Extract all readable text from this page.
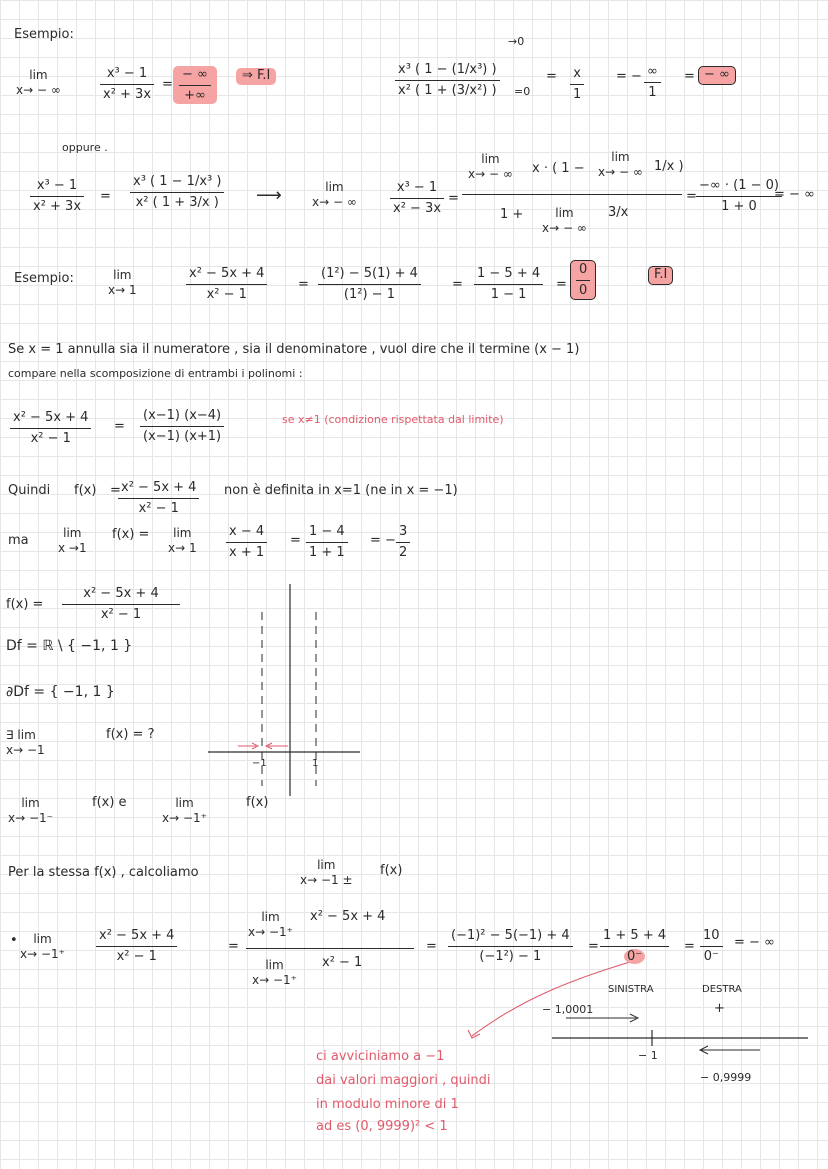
Esempio:
lim
x→ − ∞
x³ − 1
x² + 3x
=
− ∞
+∞
⇒ F.I	x³ ( 1 − (1/x³) )
x² ( 1 + (3/x²) )
→0
=0
= x
1
= − ∞
1
= − ∞
oppure .
x³ − 1
x² + 3x
=
x³ ( 1 − 1/x³ )
x² ( 1 + 3/x ) ⟶	lim
x→ − ∞
x³ − 1
x² − 3x
=
lim
x→ − ∞ x · ( 1 −
lim
x→ − ∞ 1/x )
1 +	lim
x→ − ∞
3/x
=
−∞ · (1 − 0)
1 + 0
= − ∞
Esempio:	lim
x→ 1
x² − 5x + 4
x² − 1
=
(1²) − 5(1) + 4
(1²) − 1
=
1 − 5 + 4
1 − 1
=
0
0
F.I
Se x = 1 annulla sia il numeratore , sia il denominatore , vuol dire che il termine (x − 1)
compare nella scomposizione di entrambi i polinomi :
x² − 5x + 4
x² − 1
=
(x−1) (x−4)
(x−1) (x+1)
se x≠1 (condizione rispettata dal limite)
Quindi f(x) = x² − 5x + 4
x² − 1
non è definita in x=1 (ne in x = −1)
ma	lim
x →1
f(x) = lim
x→ 1
x − 4
x + 1
=
1 − 4
1 + 1
= −
3
2
f(x) =
x² − 5x + 4
x² − 1
Df = ℝ \ { −1, 1 }
∂Df = { −1, 1 }
∃ lim
x→ −1
f(x) = ?
lim
x→ −1⁻
f(x) e	lim
x→ −1⁺
f(x)
−1	1
Per la stessa f(x) , calcoliamo	lim
x→ −1 ±
f(x)
• lim
x→ −1⁺
x² − 5x + 4
x² − 1
=
lim
x→ −1⁺
x² − 5x + 4
lim
x→ −1⁺
x² − 1
=
(−1)² − 5(−1) + 4
(−1²) − 1
=
1 + 5 + 4
0⁻
=
10
0⁻
= − ∞
SINISTRA
− 1,0001
DESTRA
+
− 1
− 0,9999
ci avviciniamo a −1
dai valori maggiori , quindi
in modulo minore di 1
ad es (0, 9999)² < 1
